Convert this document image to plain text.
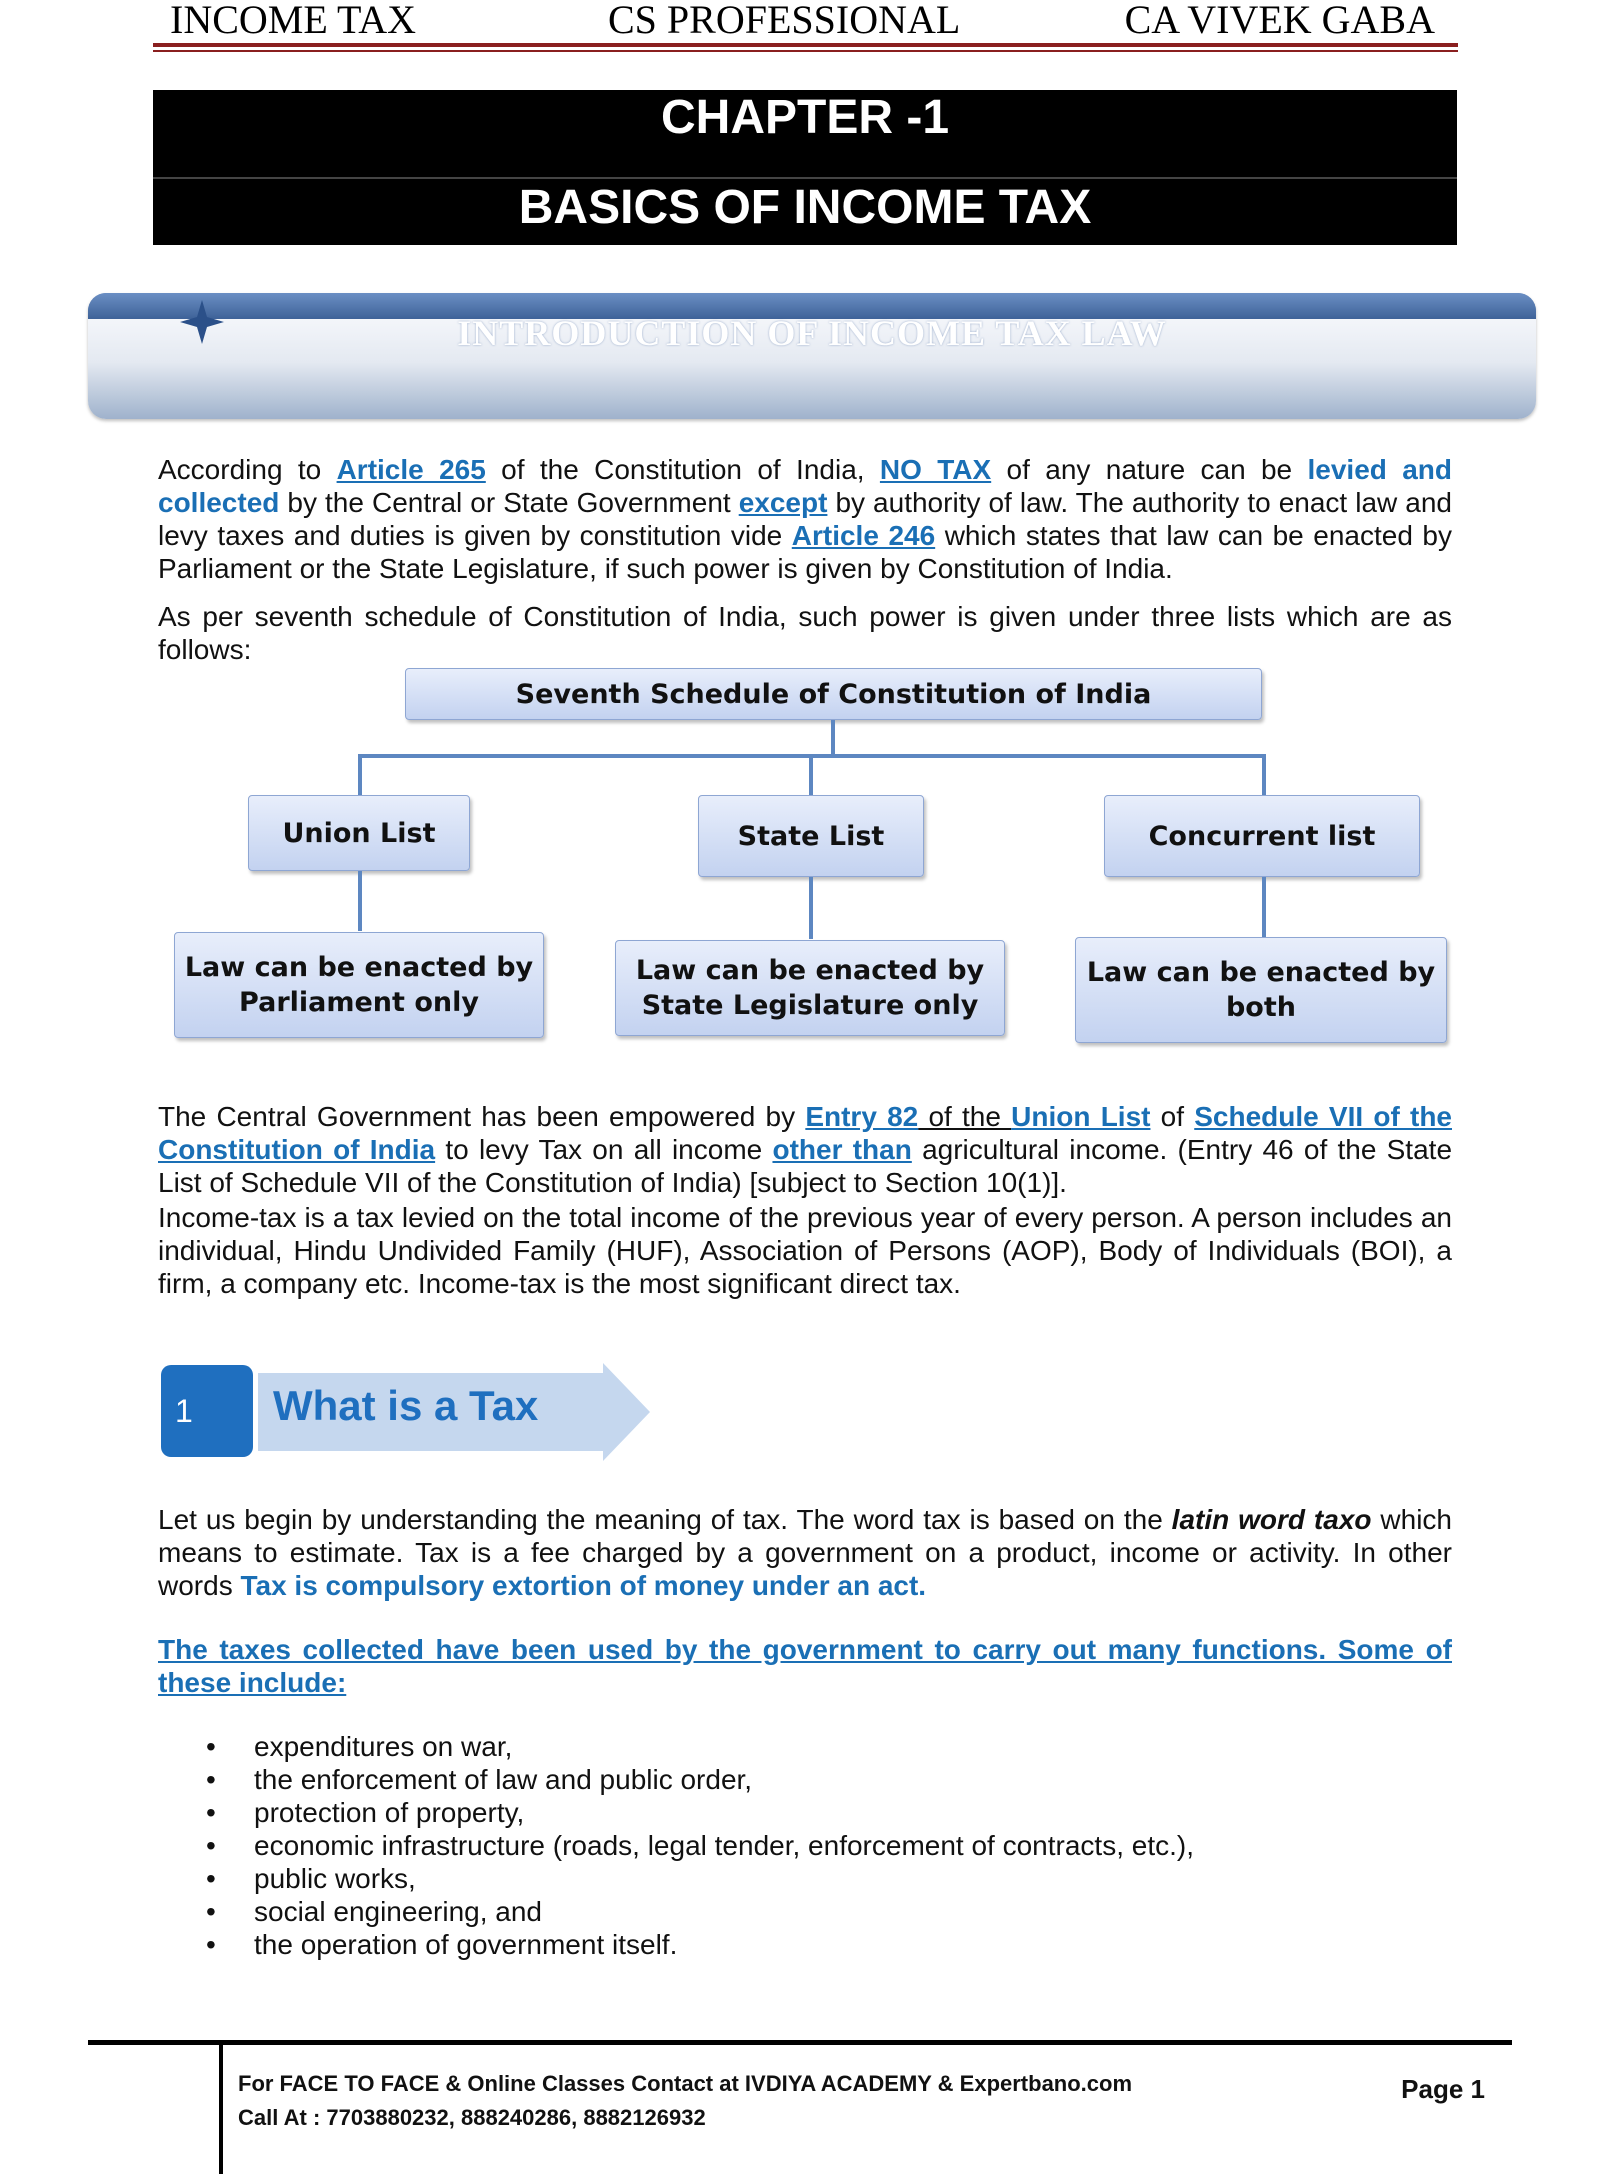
INCOME TAX	CS PROFESSIONAL	CA VIVEK GABA
CHAPTER -1
BASICS OF INCOME TAX
INTRODUCTION OF INCOME TAX LAW
According to Article 265 of the Constitution of India, NO TAX of any nature can be levied and collected by the Central or State Government except by authority of law. The authority to enact law and levy taxes and duties is given by constitution vide Article 246 which states that law can be enacted by Parliament or the State Legislature, if such power is given by Constitution of India.
As per seventh schedule of Constitution of India, such power is given under three lists which are as follows:
Seventh Schedule of Constitution of India
Union List	State List	Concurrent list
Law can be enacted by Parliament only
Law can be enacted by State Legislature only
Law can be enacted by both
The Central Government has been empowered by Entry 82 of the Union List of Schedule VII of the Constitution of India to levy Tax on all income other than agricultural income. (Entry 46 of the State List of Schedule VII of the Constitution of India) [subject to Section 10(1)].
Income-tax is a tax levied on the total income of the previous year of every person. A person includes an individual, Hindu Undivided Family (HUF), Association of Persons (AOP), Body of Individuals (BOI), a firm, a company etc. Income-tax is the most significant direct tax.
1	What is a Tax
Let us begin by understanding the meaning of tax. The word tax is based on the latin word taxo which means to estimate. Tax is a fee charged by a government on a product, income or activity. In other words Tax is compulsory extortion of money under an act.
The taxes collected have been used by the government to carry out many functions. Some of these include:
• expenditures on war,
• the enforcement of law and public order,
• protection of property,
• economic infrastructure (roads, legal tender, enforcement of contracts, etc.),
• public works,
• social engineering, and
• the operation of government itself.
For FACE TO FACE & Online Classes Contact at IVDIYA ACADEMY & Expertbano.com
Call At : 7703880232, 888240286, 8882126932
Page 1
